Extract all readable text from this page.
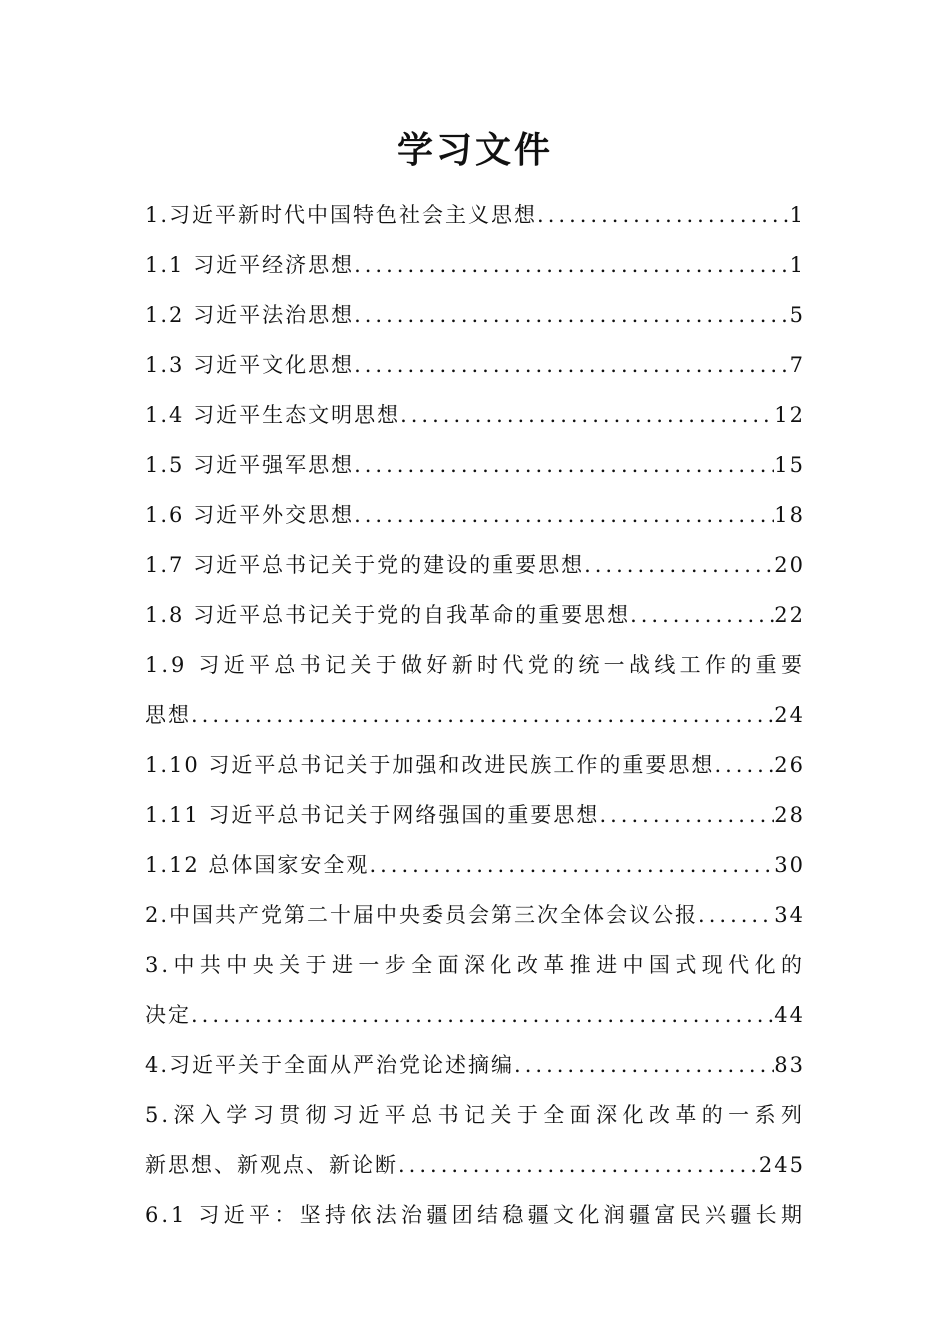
学习文件
1.习近平新时代中国特色社会主义思想 .....	1
1.1 习近平经济思想 .....	1
1.2 习近平法治思想 .....	5
1.3 习近平文化思想 .....	7
1.4 习近平生态文明思想 .....	12
1.5 习近平强军思想 .....	15
1.6 习近平外交思想 .....	18
1.7 习近平总书记关于党的建设的重要思想 .....	20
1.8 习近平总书记关于党的自我革命的重要思想 .....	22
1.9 习近平总书记关于做好新时代党的统一战线工作的重要
思想 .....	24
1.10 习近平总书记关于加强和改进民族工作的重要思想 .....	26
1.11 习近平总书记关于网络强国的重要思想 .....	28
1.12 总体国家安全观 .....	30
2.中国共产党第二十届中央委员会第三次全体会议公报 .....	34
3.中共中央关于进一步全面深化改革推进中国式现代化的
决定 .....	44
4.习近平关于全面从严治党论述摘编 .....	83
5.深入学习贯彻习近平总书记关于全面深化改革的一系列
新思想、新观点、新论断 .....	245
6.1 习近平：坚持依法治疆团结稳疆文化润疆富民兴疆长期
